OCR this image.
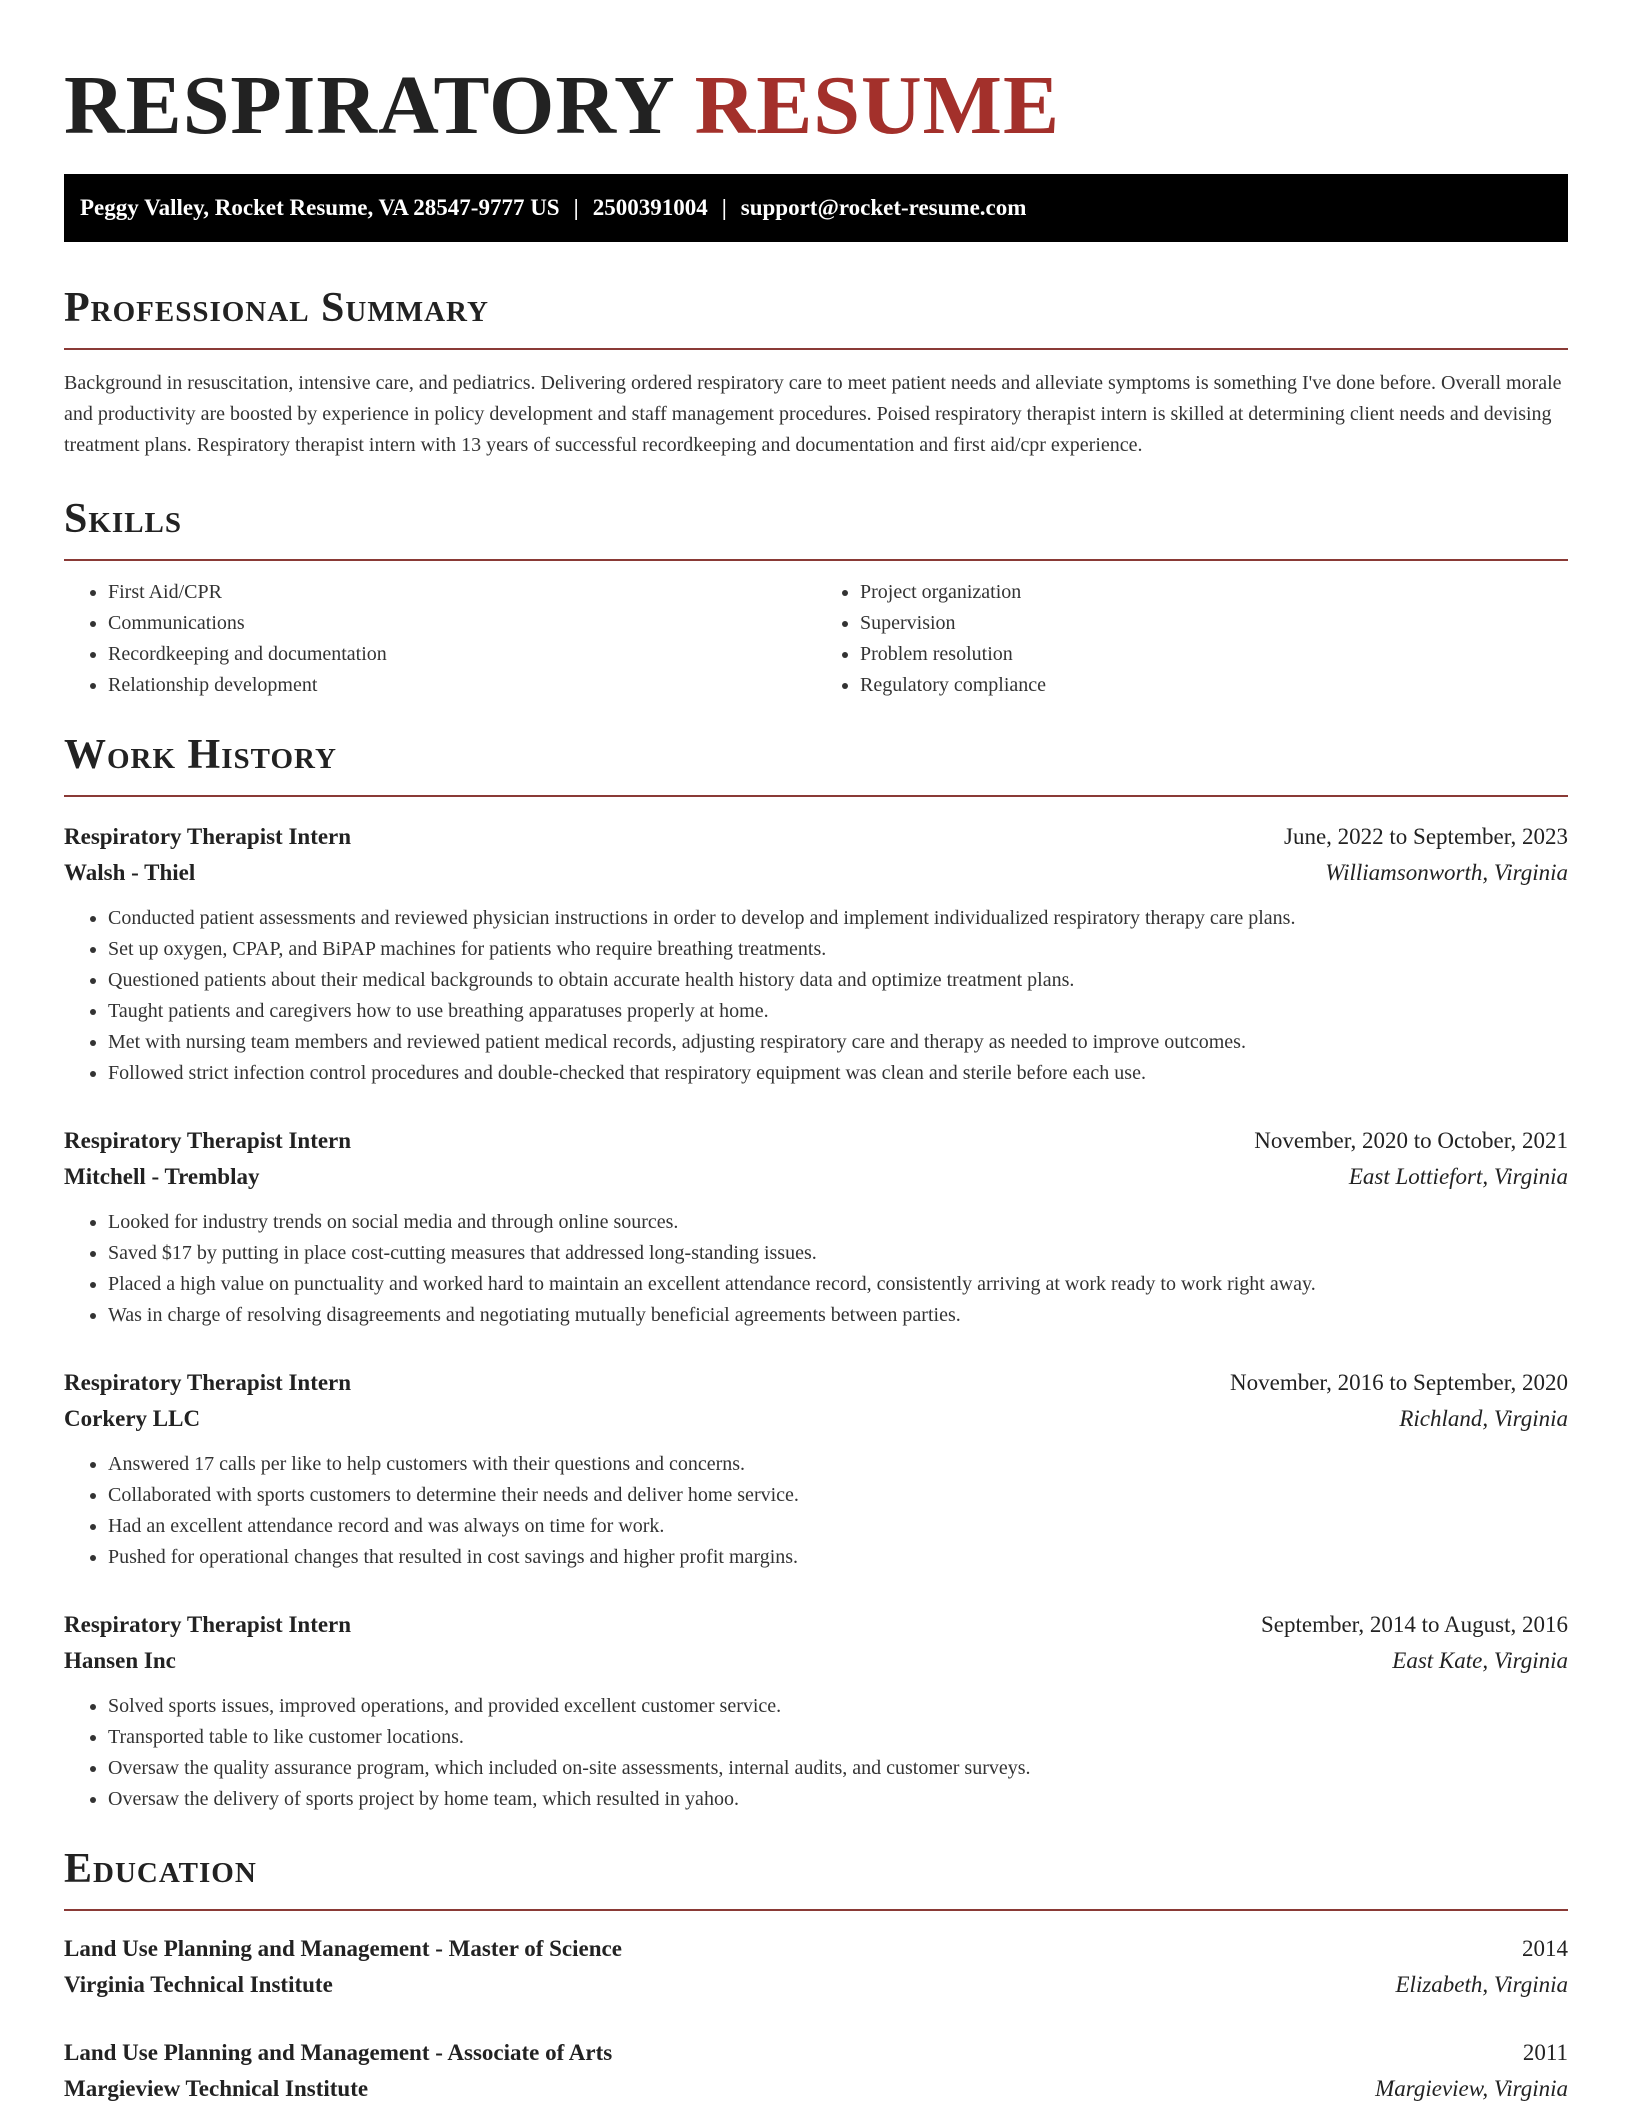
RESPIRATORY RESUME
Peggy Valley, Rocket Resume, VA 28547-9777 US | 2500391004 | support@rocket-resume.com
Professional Summary

Background in resuscitation, intensive care, and pediatrics. Delivering ordered respiratory care to meet patient needs and alleviate symptoms is something I've done before. Overall morale and productivity are boosted by experience in policy development and staff management procedures. Poised respiratory therapist intern is skilled at determining client needs and devising treatment plans. Respiratory therapist intern with 13 years of successful recordkeeping and documentation and first aid/cpr experience.

Skills
• First Aid/CPR
• Communications
• Recordkeeping and documentation
• Relationship development
• Project organization
• Supervision
• Problem resolution
• Regulatory compliance
Work History
Respiratory Therapist Intern	June, 2022 to September, 2023
Walsh - Thiel	Williamsonworth, Virginia
• Conducted patient assessments and reviewed physician instructions in order to develop and implement individualized respiratory therapy care plans.
• Set up oxygen, CPAP, and BiPAP machines for patients who require breathing treatments.
• Questioned patients about their medical backgrounds to obtain accurate health history data and optimize treatment plans.
• Taught patients and caregivers how to use breathing apparatuses properly at home.
• Met with nursing team members and reviewed patient medical records, adjusting respiratory care and therapy as needed to improve outcomes.
• Followed strict infection control procedures and double-checked that respiratory equipment was clean and sterile before each use.
Respiratory Therapist Intern	November, 2020 to October, 2021
Mitchell - Tremblay	East Lottiefort, Virginia
• Looked for industry trends on social media and through online sources.
• Saved $17 by putting in place cost-cutting measures that addressed long-standing issues.
• Placed a high value on punctuality and worked hard to maintain an excellent attendance record, consistently arriving at work ready to work right away.
• Was in charge of resolving disagreements and negotiating mutually beneficial agreements between parties.
Respiratory Therapist Intern	November, 2016 to September, 2020
Corkery LLC	Richland, Virginia
• Answered 17 calls per like to help customers with their questions and concerns.
• Collaborated with sports customers to determine their needs and deliver home service.
• Had an excellent attendance record and was always on time for work.
• Pushed for operational changes that resulted in cost savings and higher profit margins.
Respiratory Therapist Intern	September, 2014 to August, 2016
Hansen Inc	East Kate, Virginia
• Solved sports issues, improved operations, and provided excellent customer service.
• Transported table to like customer locations.
• Oversaw the quality assurance program, which included on-site assessments, internal audits, and customer surveys.
• Oversaw the delivery of sports project by home team, which resulted in yahoo.
Education
Land Use Planning and Management - Master of Science	2014
Virginia Technical Institute	Elizabeth, Virginia
Land Use Planning and Management - Associate of Arts	2011
Margieview Technical Institute	Margieview, Virginia
